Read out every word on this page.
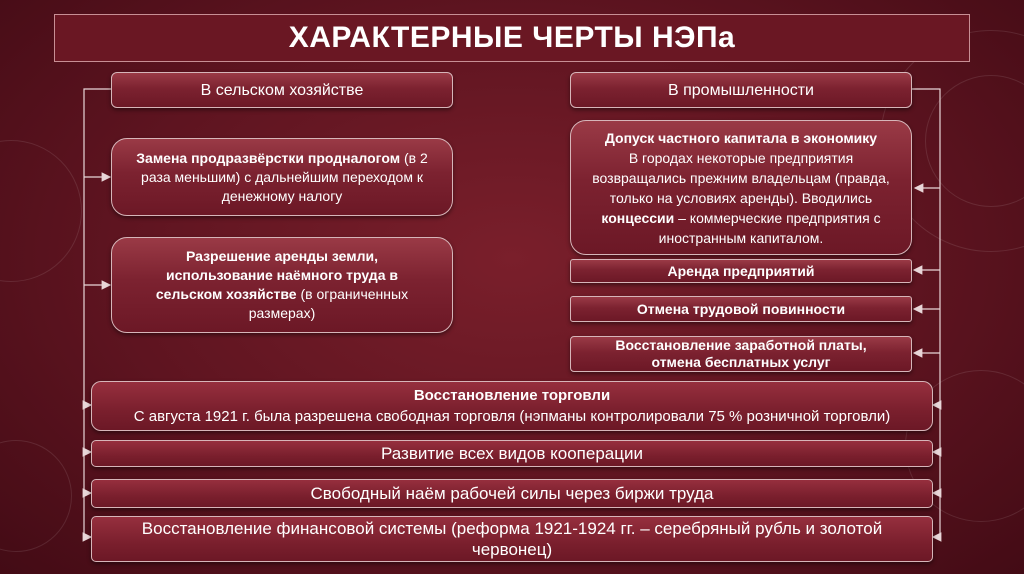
ХАРАКТЕРНЫЕ ЧЕРТЫ НЭПа
В сельском хозяйстве
Замена продразвёрстки продналогом (в 2 раза меньшим) с дальнейшим переходом к денежному налогу
Разрешение аренды земли, использование наёмного труда в сельском хозяйстве (в ограниченных размерах)
В промышленности
Допуск частного капитала в экономику
В городах некоторые предприятия возвращались прежним владельцам (правда, только на условиях аренды). Вводились концессии – коммерческие предприятия с иностранным капиталом.
Аренда предприятий
Отмена трудовой повинности
Восстановление заработной платы, отмена бесплатных услуг
Восстановление торговли
С августа 1921 г. была разрешена свободная торговля (нэпманы контролировали 75 % розничной торговли)
Развитие всех видов кооперации
Свободный наём рабочей силы через биржи труда
Восстановление финансовой системы (реформа 1921-1924 гг. – серебряный рубль и золотой червонец)
